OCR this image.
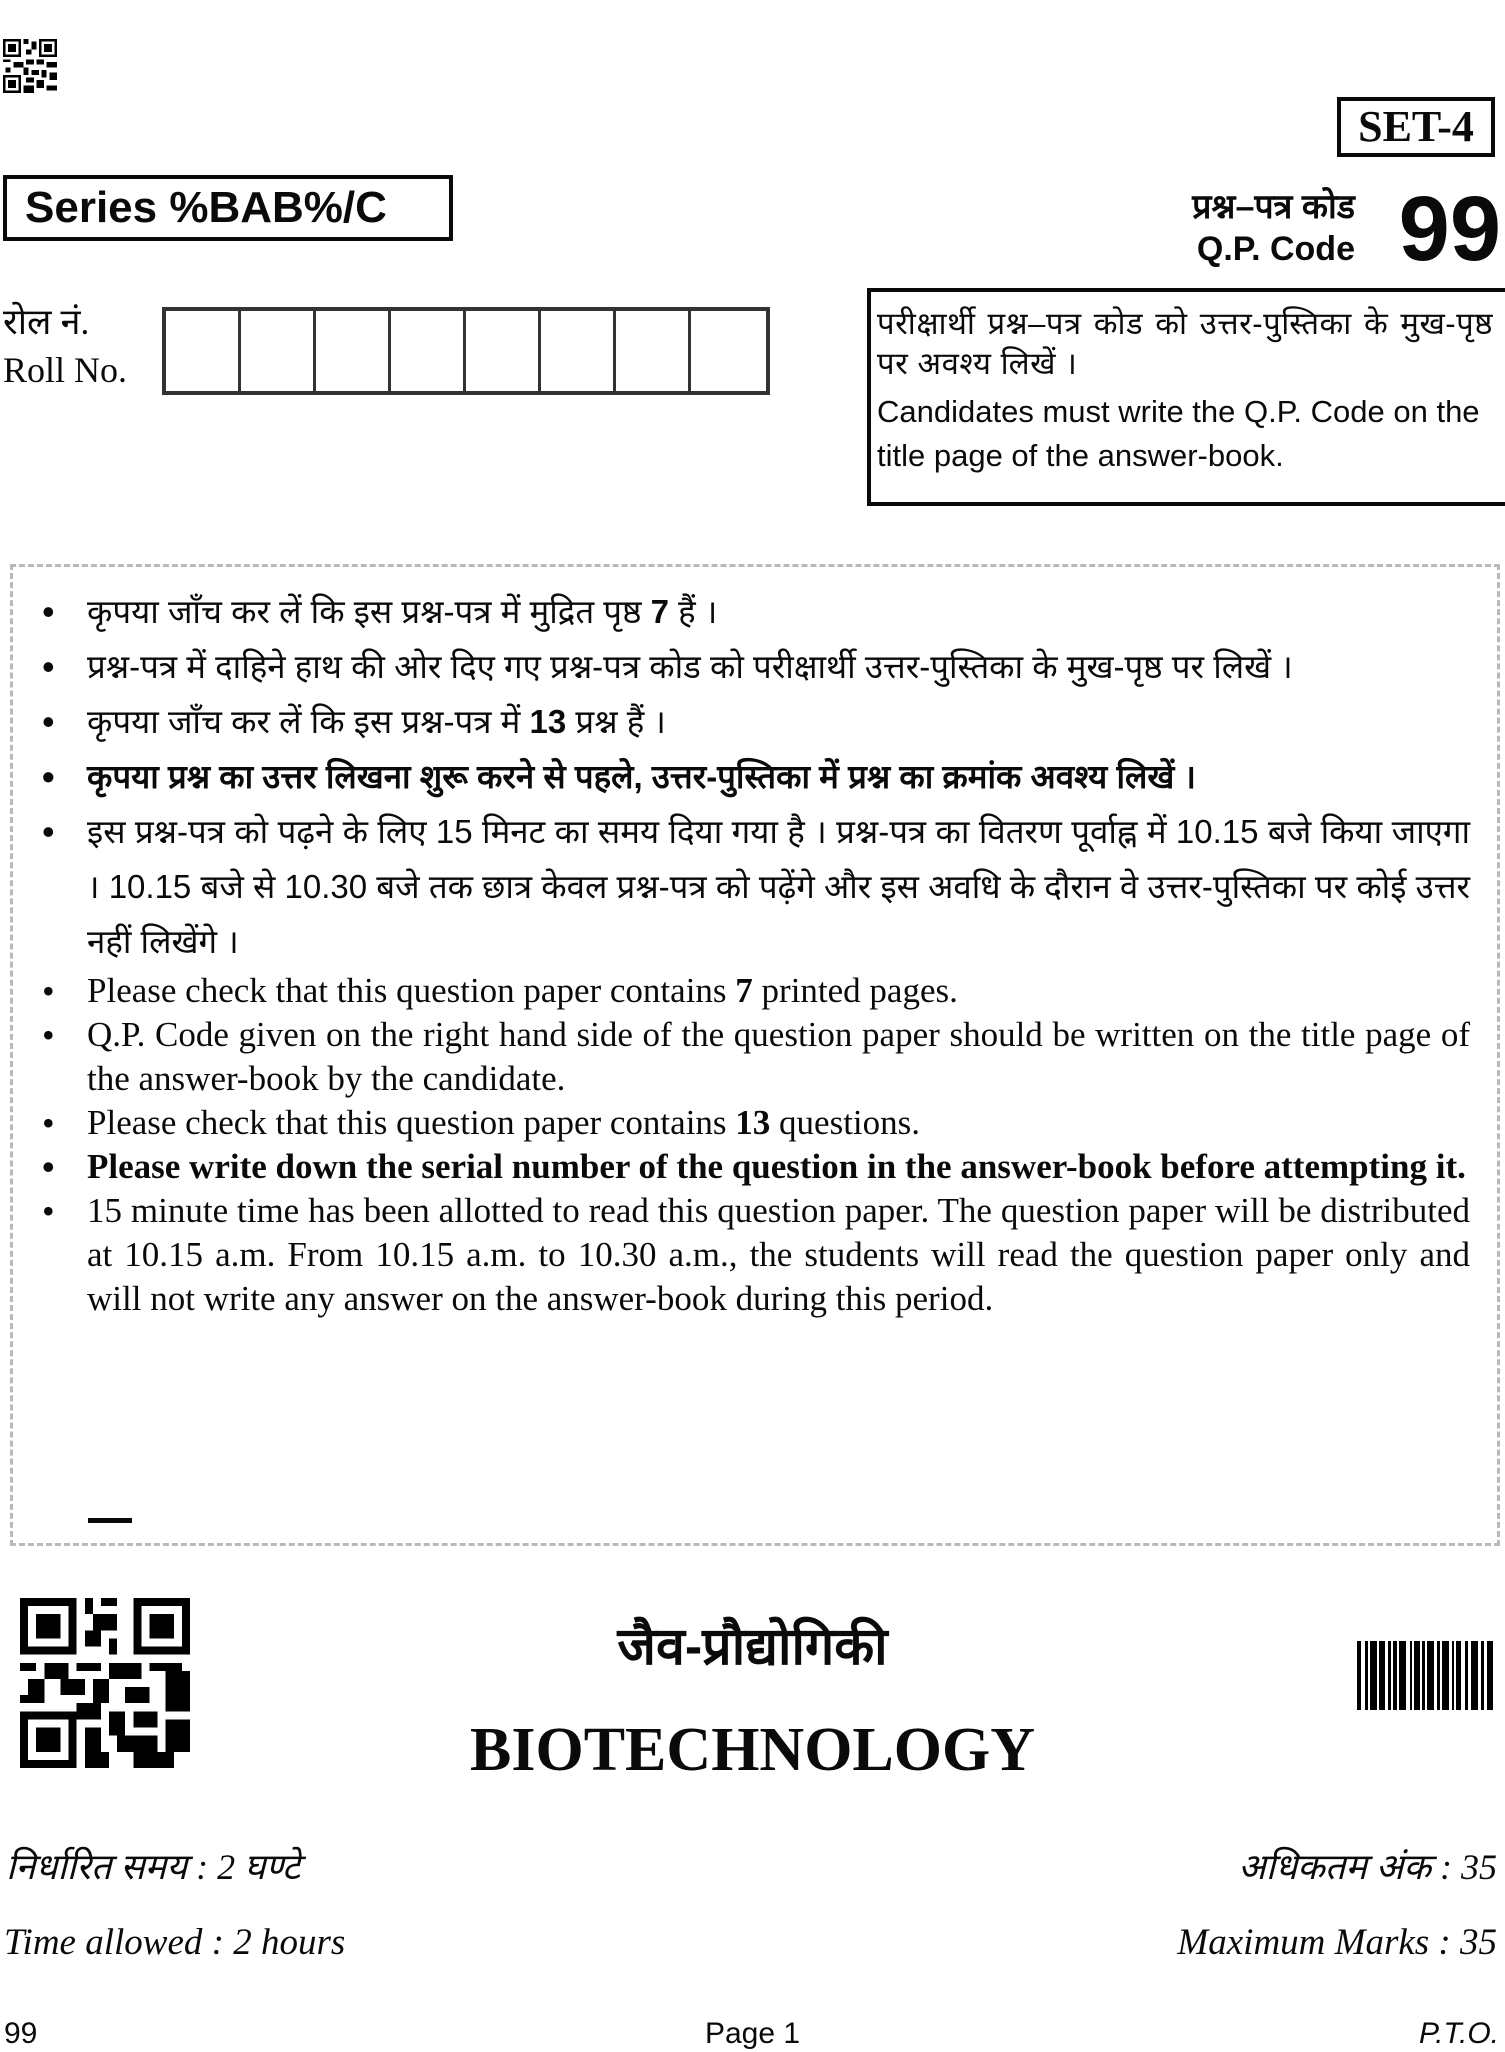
SET-4
Series %BAB%/C	प्रश्न–पत्र कोड
Q.P. Code 99
रोल नं.
Roll No.
परीक्षार्थी प्रश्न–पत्र कोड को उत्तर-पुस्तिका के मुख-पृष्ठ पर अवश्य लिखें ।
Candidates must write the Q.P. Code on the title page of the answer-book.
• कृपया जाँच कर लें कि इस प्रश्न-पत्र में मुद्रित पृष्ठ 7 हैं ।
• प्रश्न-पत्र में दाहिने हाथ की ओर दिए गए प्रश्न-पत्र कोड को परीक्षार्थी उत्तर-पुस्तिका के मुख-पृष्ठ पर लिखें ।
• कृपया जाँच कर लें कि इस प्रश्न-पत्र में 13 प्रश्न हैं ।
• कृपया प्रश्न का उत्तर लिखना शुरू करने से पहले, उत्तर-पुस्तिका में प्रश्न का क्रमांक अवश्य लिखें ।
• इस प्रश्न-पत्र को पढ़ने के लिए 15 मिनट का समय दिया गया है । प्रश्न-पत्र का वितरण पूर्वाह्न में 10.15 बजे किया जाएगा । 10.15 बजे से 10.30 बजे तक छात्र केवल प्रश्न-पत्र को पढ़ेंगे और इस अवधि के दौरान वे उत्तर-पुस्तिका पर कोई उत्तर नहीं लिखेंगे ।
• Please check that this question paper contains 7 printed pages.
• Q.P. Code given on the right hand side of the question paper should be written on the title page of the answer-book by the candidate.
• Please check that this question paper contains 13 questions.
• Please write down the serial number of the question in the answer-book before attempting it.
• 15 minute time has been allotted to read this question paper. The question paper will be distributed at 10.15 a.m. From 10.15 a.m. to 10.30 a.m., the students will read the question paper only and will not write any answer on the answer-book during this period.
जैव-प्रौद्योगिकी
BIOTECHNOLOGY
निर्धारित समय : 2 घण्टे
Time allowed : 2 hours
अधिकतम अंक : 35
Maximum Marks : 35
99	Page 1	P.T.O.
